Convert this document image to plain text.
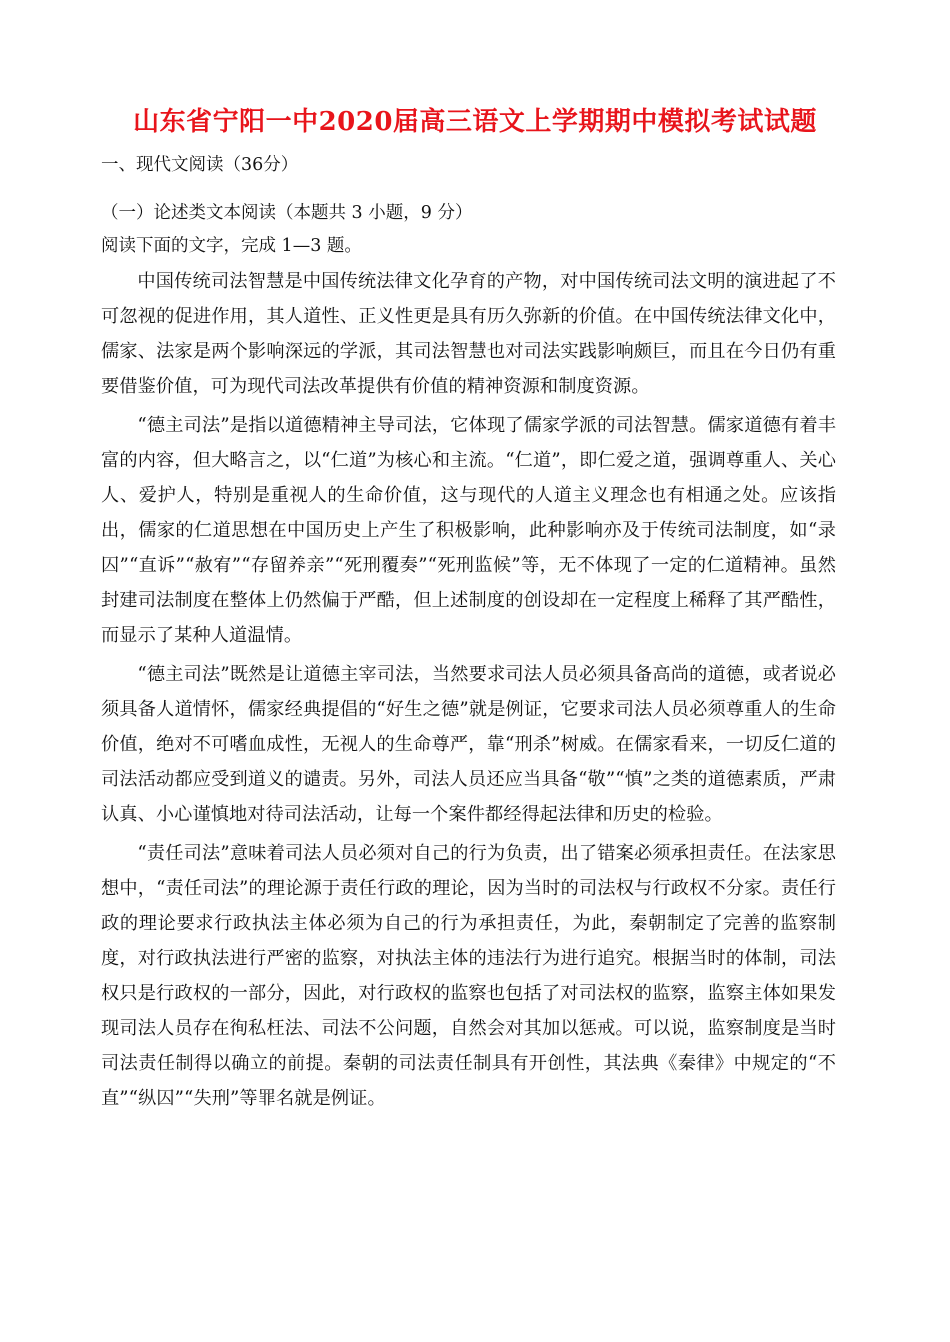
山东省宁阳一中2020届高三语文上学期期中模拟考试试题
一、现代文阅读（36分）
（一）论述类文本阅读（本题共 3 小题，9 分）
阅读下面的文字，完成 1—3 题。

中国传统司法智慧是中国传统法律文化孕育的产物，对中国传统司法文明的演进起了不可忽视的促进作用，其人道性、正义性更是具有历久弥新的价值。在中国传统法律文化中，儒家、法家是两个影响深远的学派，其司法智慧也对司法实践影响颇巨，而且在今日仍有重要借鉴价值，可为现代司法改革提供有价值的精神资源和制度资源。

“德主司法”是指以道德精神主导司法，它体现了儒家学派的司法智慧。儒家道德有着丰富的内容，但大略言之，以“仁道”为核心和主流。“仁道”，即仁爱之道，强调尊重人、关心人、爱护人，特别是重视人的生命价值，这与现代的人道主义理念也有相通之处。应该指出，儒家的仁道思想在中国历史上产生了积极影响，此种影响亦及于传统司法制度，如“录囚”“直诉”“赦宥”“存留养亲”“死刑覆奏”“死刑监候”等，无不体现了一定的仁道精神。虽然封建司法制度在整体上仍然偏于严酷，但上述制度的创设却在一定程度上稀释了其严酷性，而显示了某种人道温情。

“德主司法”既然是让道德主宰司法，当然要求司法人员必须具备高尚的道德，或者说必须具备人道情怀，儒家经典提倡的“好生之德”就是例证，它要求司法人员必须尊重人的生命价值，绝对不可嗜血成性，无视人的生命尊严，靠“刑杀”树威。在儒家看来，一切反仁道的司法活动都应受到道义的谴责。另外，司法人员还应当具备“敬”“慎”之类的道德素质，严肃认真、小心谨慎地对待司法活动，让每一个案件都经得起法律和历史的检验。

“责任司法”意味着司法人员必须对自己的行为负责，出了错案必须承担责任。在法家思想中，“责任司法”的理论源于责任行政的理论，因为当时的司法权与行政权不分家。责任行政的理论要求行政执法主体必须为自己的行为承担责任，为此，秦朝制定了完善的监察制度，对行政执法进行严密的监察，对执法主体的违法行为进行追究。根据当时的体制，司法权只是行政权的一部分，因此，对行政权的监察也包括了对司法权的监察，监察主体如果发现司法人员存在徇私枉法、司法不公问题，自然会对其加以惩戒。可以说，监察制度是当时司法责任制得以确立的前提。秦朝的司法责任制具有开创性，其法典《秦律》中规定的“不直”“纵囚”“失刑”等罪名就是例证。
